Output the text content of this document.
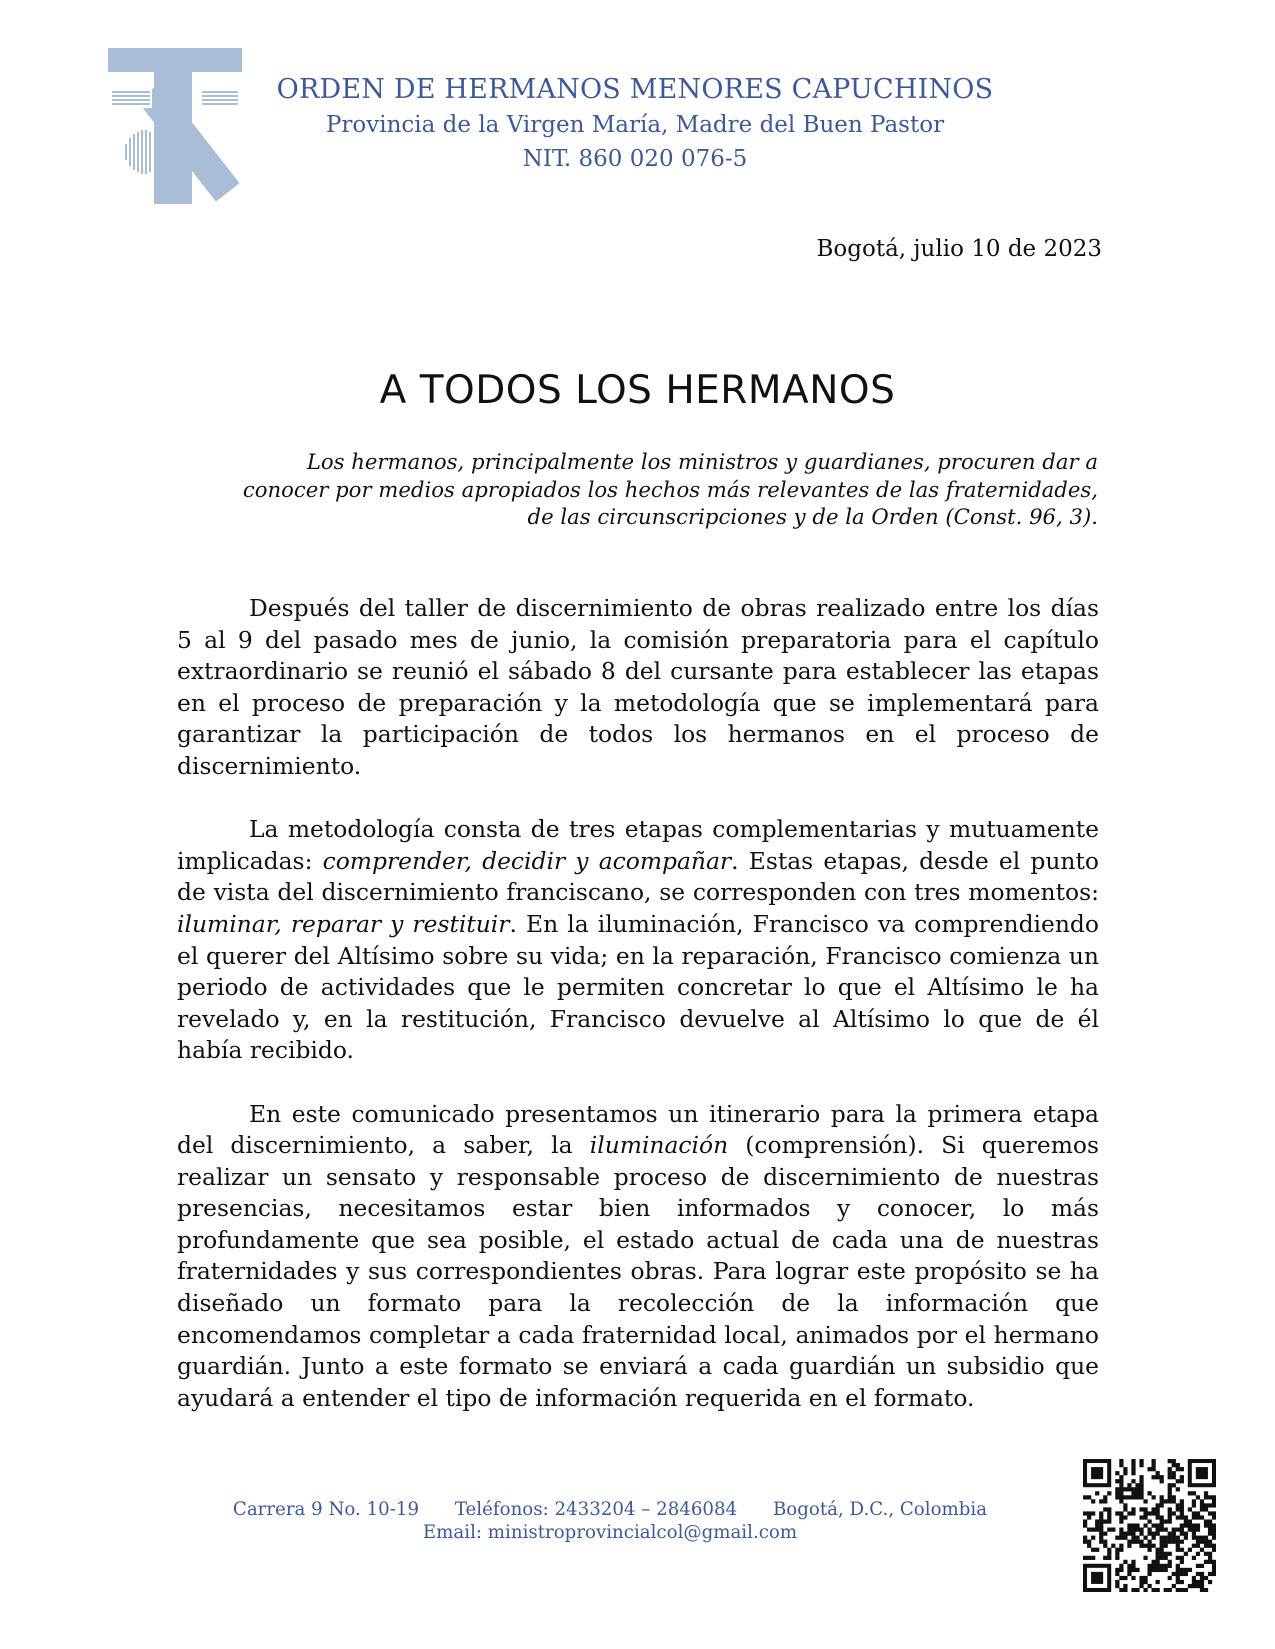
ORDEN DE HERMANOS MENORES CAPUCHINOS
Provincia de la Virgen María, Madre del Buen Pastor
NIT. 860 020 076-5
Bogotá, julio 10 de 2023
A TODOS LOS HERMANOS
Los hermanos, principalmente los ministros y guardianes, procuren dar a
conocer por medios apropiados los hechos más relevantes de las fraternidades,
de las circunscripciones y de la Orden (Const. 96, 3).

Después del taller de discernimiento de obras realizado entre los días 5 al 9 del pasado mes de junio, la comisión preparatoria para el capítulo extraordinario se reunió el sábado 8 del cursante para establecer las etapas en el proceso de preparación y la metodología que se implementará para garantizar la participación de todos los hermanos en el proceso de discernimiento.

La metodología consta de tres etapas complementarias y mutuamente implicadas: comprender, decidir y acompañar. Estas etapas, desde el punto de vista del discernimiento franciscano, se corresponden con tres momentos: iluminar, reparar y restituir. En la iluminación, Francisco va comprendiendo el querer del Altísimo sobre su vida; en la reparación, Francisco comienza un periodo de actividades que le permiten concretar lo que el Altísimo le ha revelado y, en la restitución, Francisco devuelve al Altísimo lo que de él había recibido.

En este comunicado presentamos un itinerario para la primera etapa del discernimiento, a saber, la iluminación (comprensión). Si queremos realizar un sensato y responsable proceso de discernimiento de nuestras presencias, necesitamos estar bien informados y conocer, lo más profundamente que sea posible, el estado actual de cada una de nuestras fraternidades y sus correspondientes obras. Para lograr este propósito se ha diseñado un formato para la recolección de la información que encomendamos completar a cada fraternidad local, animados por el hermano guardián. Junto a este formato se enviará a cada guardián un subsidio que ayudará a entender el tipo de información requerida en el formato.

Carrera 9 No. 10-19 Teléfonos: 2433204 – 2846084 Bogotá, D.C., Colombia
Email: ministroprovincialcol@gmail.com
